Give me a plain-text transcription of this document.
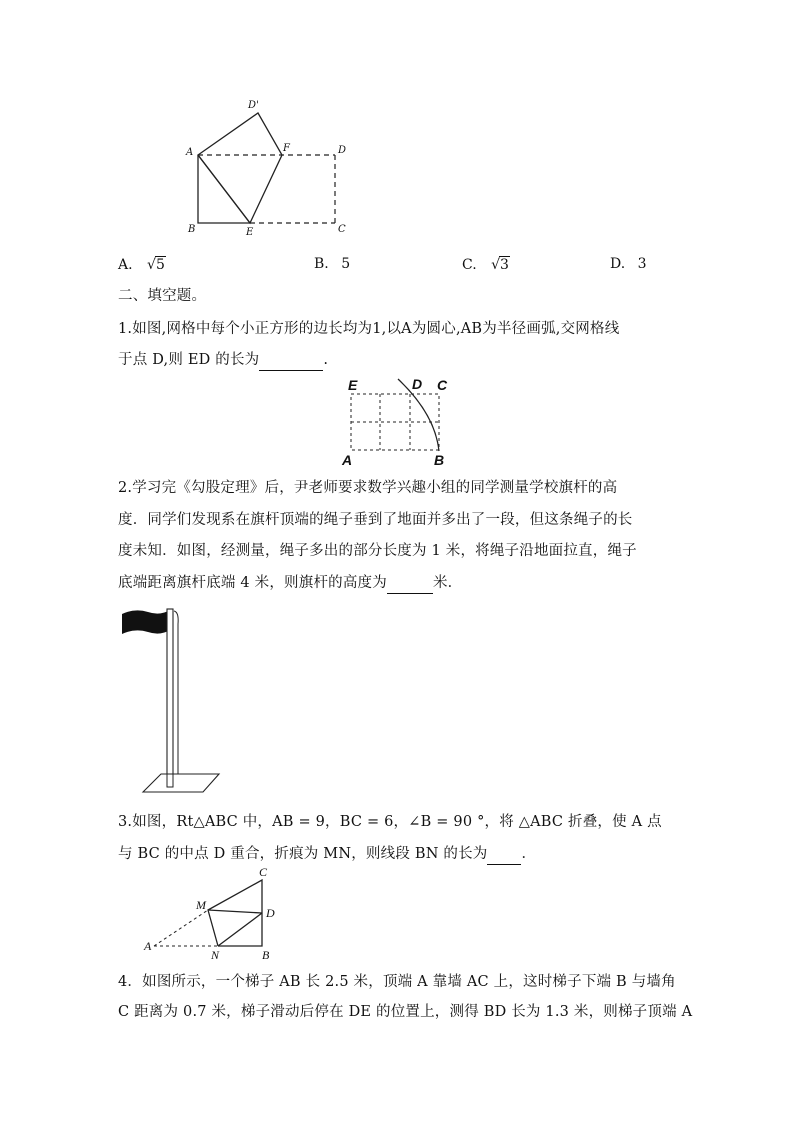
A
B	C
D
D'
E
F
A. √5	B. 5	C. √3	D. 3
二、填空题。
1.如图,网格中每个小正方形的边长均为1,以A为圆心,AB为半径画弧,交网格线
于点 D,则 ED 的长为	.
E	D C
A	B
2.学习完《勾股定理》后，尹老师要求数学兴趣小组的同学测量学校旗杆的高
度．同学们发现系在旗杆顶端的绳子垂到了地面并多出了一段，但这条绳子的长
度未知．如图，经测量，绳子多出的部分长度为 1 米，将绳子沿地面拉直，绳子
底端距离旗杆底端 4 米，则旗杆的高度为	米．
3.如图，Rt△ABC 中，AB = 9，BC = 6，∠B = 90 °，将 △ABC 折叠，使 A 点
与 BC 的中点 D 重合，折痕为 MN，则线段 BN 的长为 ．
C
M
D
A
N	B
4．如图所示，一个梯子 AB 长 2.5 米，顶端 A 靠墙 AC 上，这时梯子下端 B 与墙角
C 距离为 0.7 米，梯子滑动后停在 DE 的位置上，测得 BD 长为 1.3 米，则梯子顶端 A
